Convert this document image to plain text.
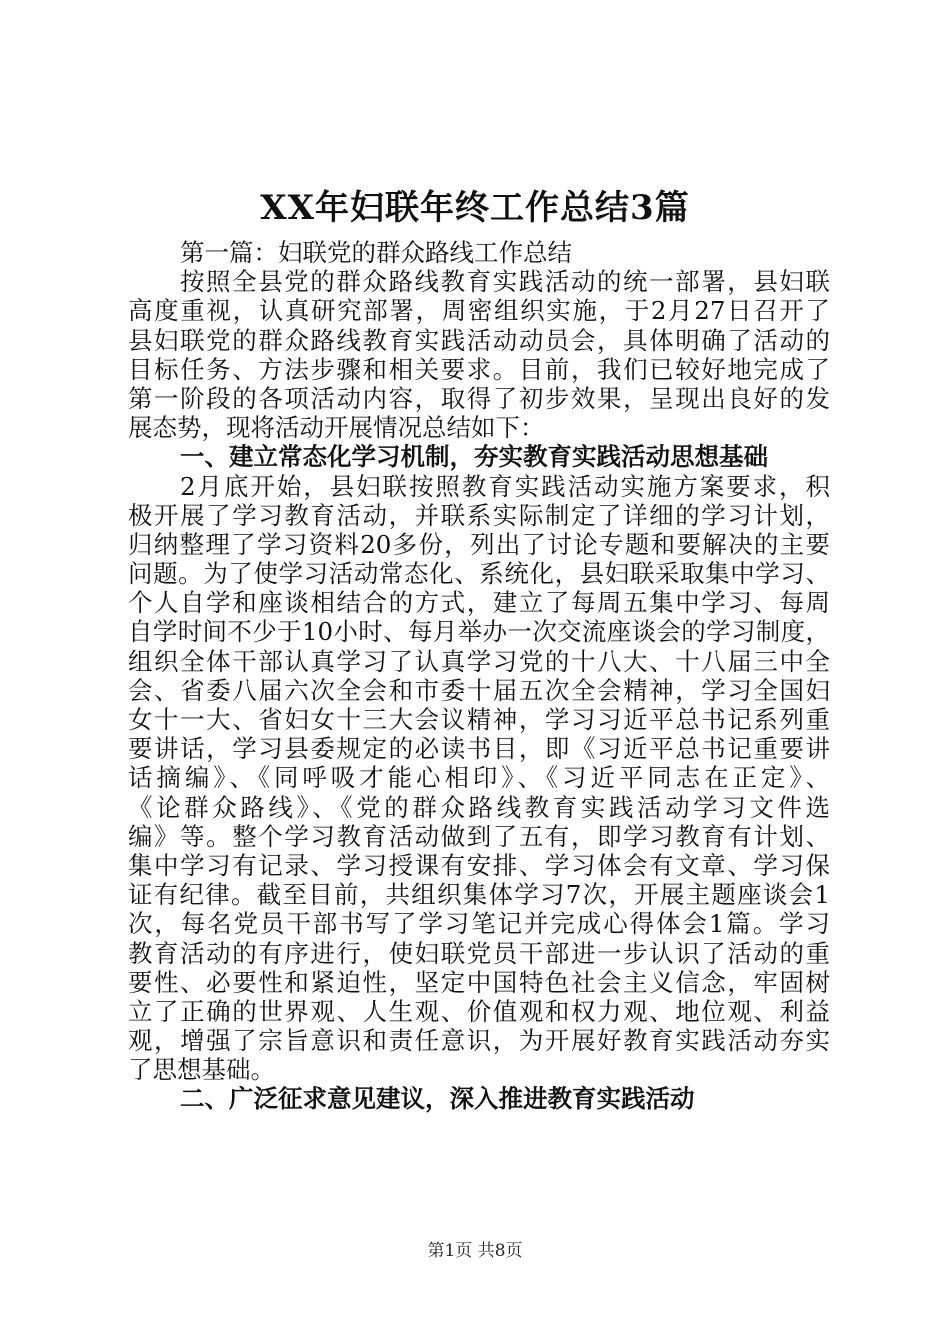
XX年妇联年终工作总结3篇
第一篇：妇联党的群众路线工作总结
按照全县党的群众路线教育实践活动的统一部署，县妇联
高度重视，认真研究部署，周密组织实施，于2月27日召开了
县妇联党的群众路线教育实践活动动员会，具体明确了活动的
目标任务、方法步骤和相关要求。目前，我们已较好地完成了
第一阶段的各项活动内容，取得了初步效果，呈现出良好的发
展态势，现将活动开展情况总结如下：
一、建立常态化学习机制，夯实教育实践活动思想基础
2月底开始，县妇联按照教育实践活动实施方案要求，积
极开展了学习教育活动，并联系实际制定了详细的学习计划，
归纳整理了学习资料20多份，列出了讨论专题和要解决的主要
问题。为了使学习活动常态化、系统化，县妇联采取集中学习、
个人自学和座谈相结合的方式，建立了每周五集中学习、每周
自学时间不少于10小时、每月举办一次交流座谈会的学习制度，
组织全体干部认真学习了认真学习党的十八大、十八届三中全
会、省委八届六次全会和市委十届五次全会精神，学习全国妇
女十一大、省妇女十三大会议精神，学习习近平总书记系列重
要讲话，学习县委规定的必读书目，即《习近平总书记重要讲
话摘编》、《同呼吸才能心相印》、《习近平同志在正定》、
《论群众路线》、《党的群众路线教育实践活动学习文件选
编》等。整个学习教育活动做到了五有，即学习教育有计划、
集中学习有记录、学习授课有安排、学习体会有文章、学习保
证有纪律。截至目前，共组织集体学习7次，开展主题座谈会1
次，每名党员干部书写了学习笔记并完成心得体会1篇。学习
教育活动的有序进行，使妇联党员干部进一步认识了活动的重
要性、必要性和紧迫性，坚定中国特色社会主义信念，牢固树
立了正确的世界观、人生观、价值观和权力观、地位观、利益
观，增强了宗旨意识和责任意识，为开展好教育实践活动夯实
了思想基础。
二、广泛征求意见建议，深入推进教育实践活动
第1页 共8页
